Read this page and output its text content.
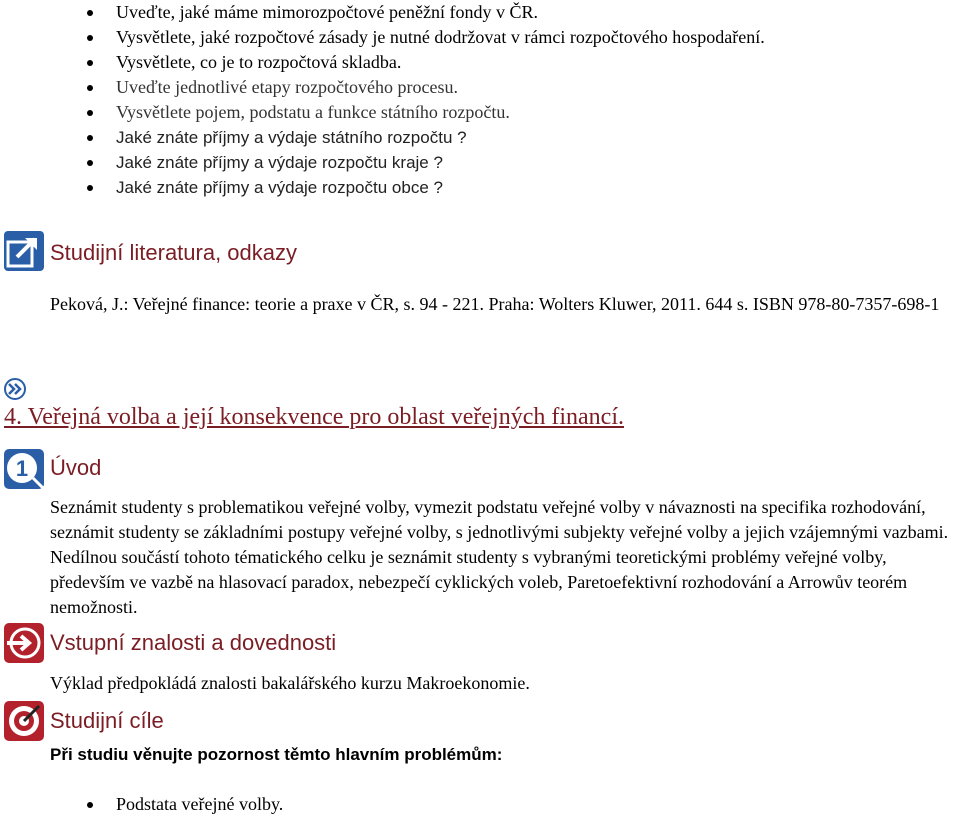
Uveďte, jaké máme mimorozpočtové peněžní fondy v ČR.
Vysvětlete, jaké rozpočtové zásady je nutné dodržovat v rámci rozpočtového hospodaření.
Vysvětlete, co je to rozpočtová skladba.
Uveďte jednotlivé etapy rozpočtového procesu.
Vysvětlete pojem, podstatu a funkce státního rozpočtu.
Jaké znáte příjmy a výdaje státního rozpočtu ?
Jaké znáte příjmy a výdaje rozpočtu kraje ?
Jaké znáte příjmy a výdaje rozpočtu obce ?
Studijní literatura, odkazy
Peková, J.: Veřejné finance: teorie a praxe v ČR, s. 94 - 221. Praha: Wolters Kluwer, 2011. 644 s. ISBN 978-80-7357-698-1
4. Veřejná volba a její konsekvence pro oblast veřejných financí.
1 Úvod
Seznámit studenty s problematikou veřejné volby, vymezit podstatu veřejné volby v návaznosti na specifika rozhodování, seznámit studenty se základními postupy veřejné volby, s jednotlivými subjekty veřejné volby a jejich vzájemnými vazbami. Nedílnou součástí tohoto tématického celku je seznámit studenty s vybranými teoretickými problémy veřejné volby, především ve vazbě na hlasovací paradox, nebezpečí cyklických voleb, Paretoefektivní rozhodování a Arrowův teorém nemožnosti.
Vstupní znalosti a dovednosti
Výklad předpokládá znalosti bakalářského kurzu Makroekonomie.
Studijní cíle
Při studiu věnujte pozornost těmto hlavním problémům:
Podstata veřejné volby.
